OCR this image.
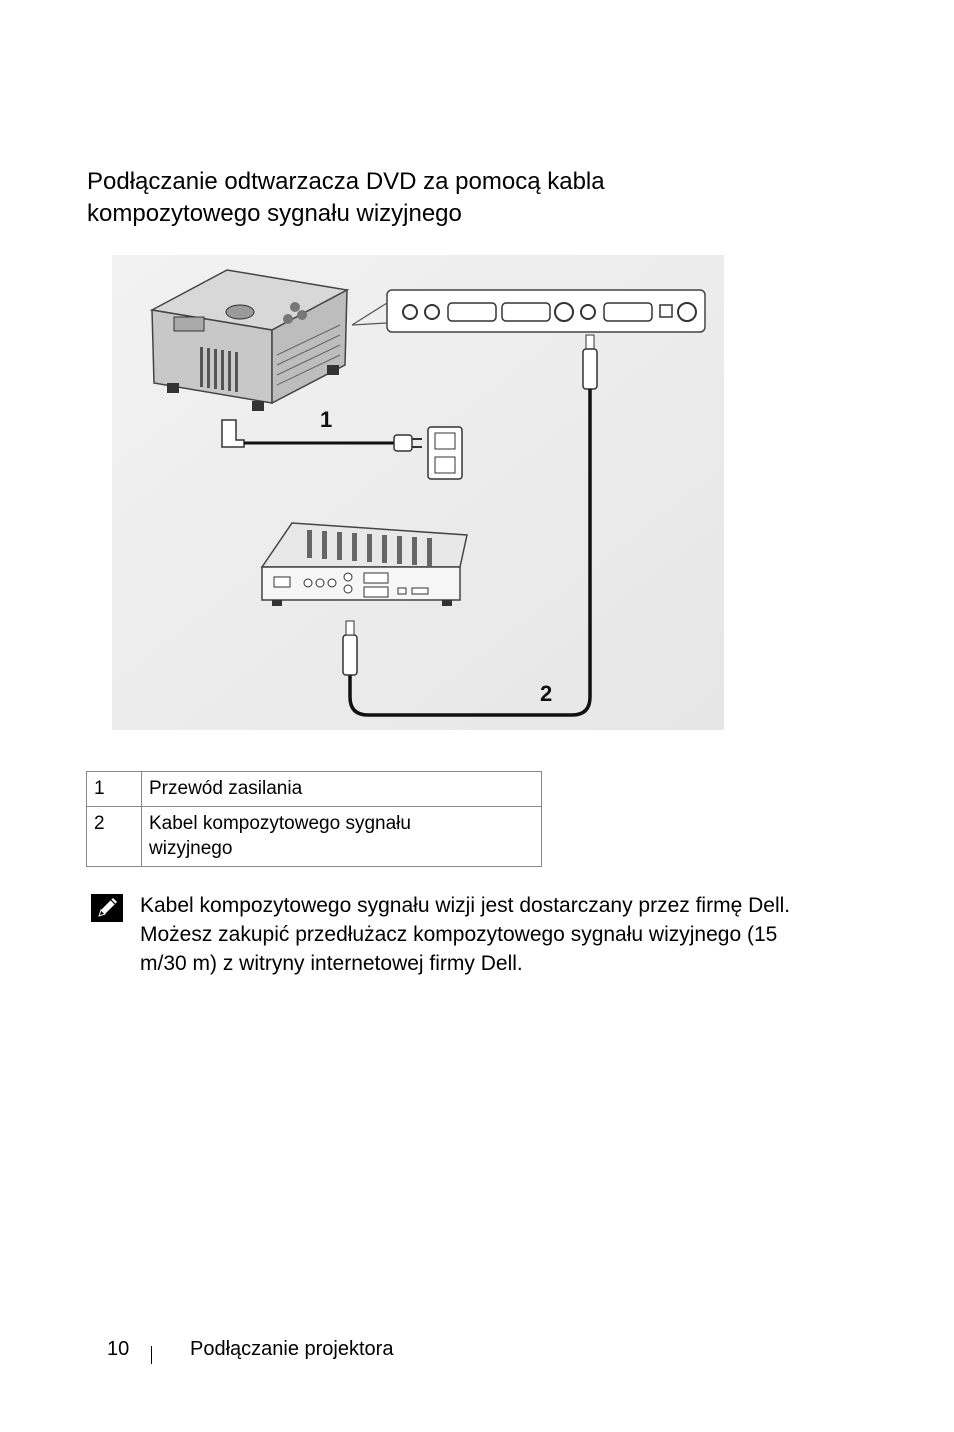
Podłączanie odtwarzacza DVD za pomocą kabla kompozytowego sygnału wizyjnego
1
2
1	Przewód zasilania
2	Kabel kompozytowego sygnału wizyjnego

Kabel kompozytowego sygnału wizji jest dostarczany przez firmę Dell.

Możesz zakupić przedłużacz kompozytowego sygnału wizyjnego (15 m/30 m) z witryny internetowej firmy Dell.

10	Podłączanie projektora
